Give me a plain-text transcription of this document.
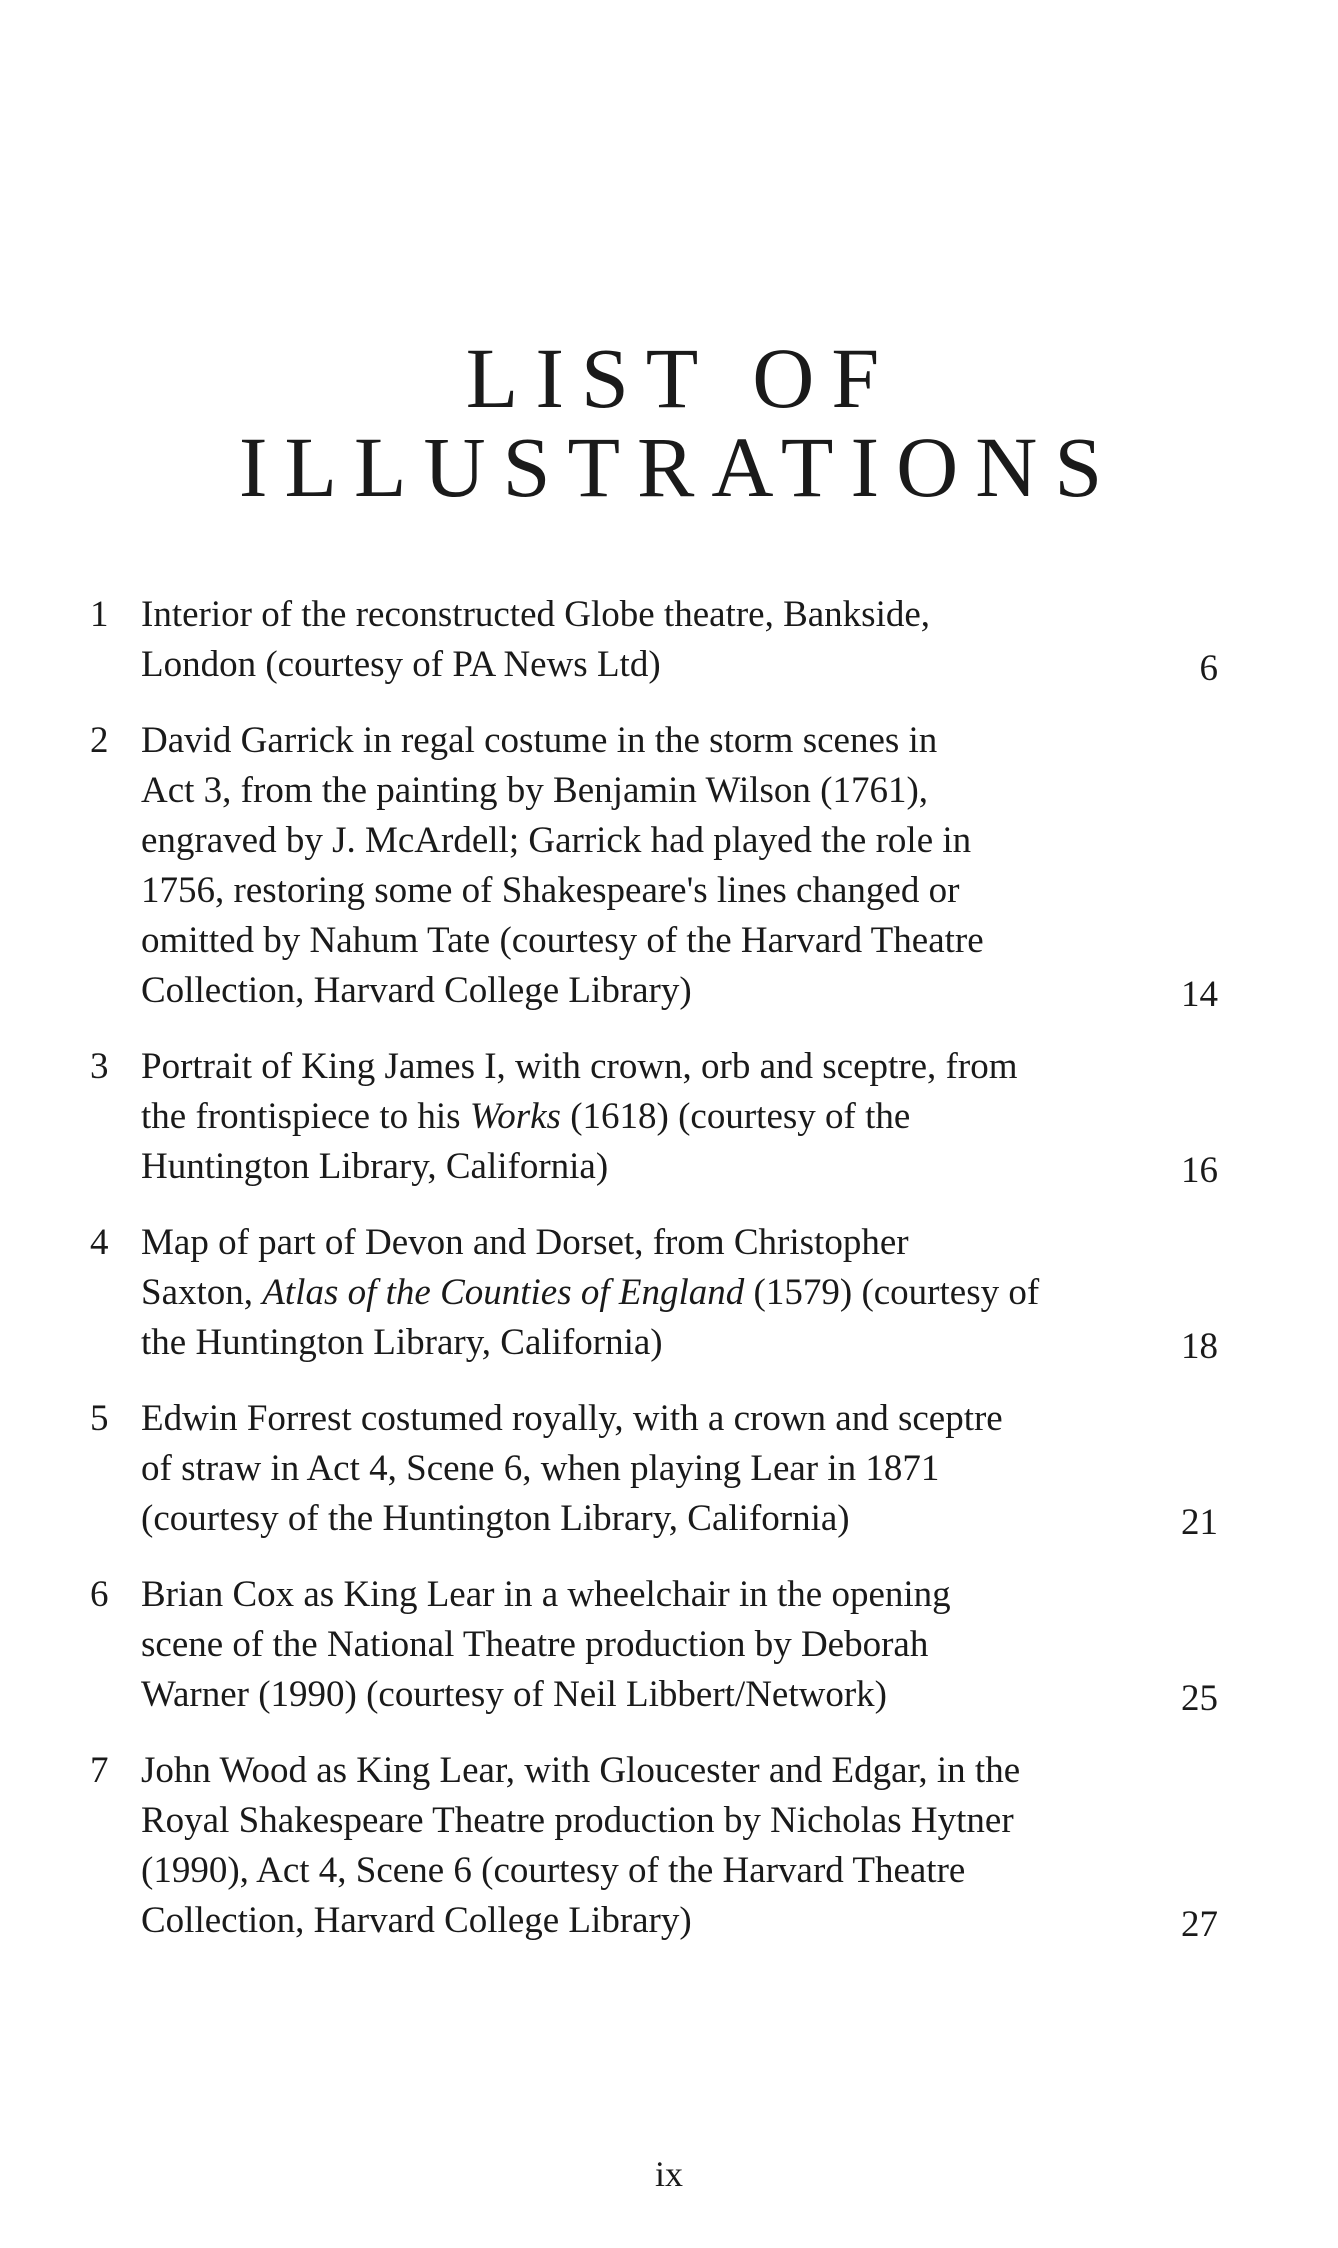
LIST OF
ILLUSTRATIONS
1 Interior of the reconstructed Globe theatre, Bankside,
London (courtesy of PA News Ltd)	6
2 David Garrick in regal costume in the storm scenes in
Act 3, from the painting by Benjamin Wilson (1761),
engraved by J. McArdell; Garrick had played the role in
1756, restoring some of Shakespeare's lines changed or
omitted by Nahum Tate (courtesy of the Harvard Theatre
Collection, Harvard College Library)	14
3 Portrait of King James I, with crown, orb and sceptre, from
the frontispiece to his Works (1618) (courtesy of the
Huntington Library, California)	16
4 Map of part of Devon and Dorset, from Christopher
Saxton, Atlas of the Counties of England (1579) (courtesy of
the Huntington Library, California)	18
5 Edwin Forrest costumed royally, with a crown and sceptre
of straw in Act 4, Scene 6, when playing Lear in 1871
(courtesy of the Huntington Library, California)	21
6 Brian Cox as King Lear in a wheelchair in the opening
scene of the National Theatre production by Deborah
Warner (1990) (courtesy of Neil Libbert/Network)	25
7 John Wood as King Lear, with Gloucester and Edgar, in the
Royal Shakespeare Theatre production by Nicholas Hytner
(1990), Act 4, Scene 6 (courtesy of the Harvard Theatre
Collection, Harvard College Library)	27
ix
